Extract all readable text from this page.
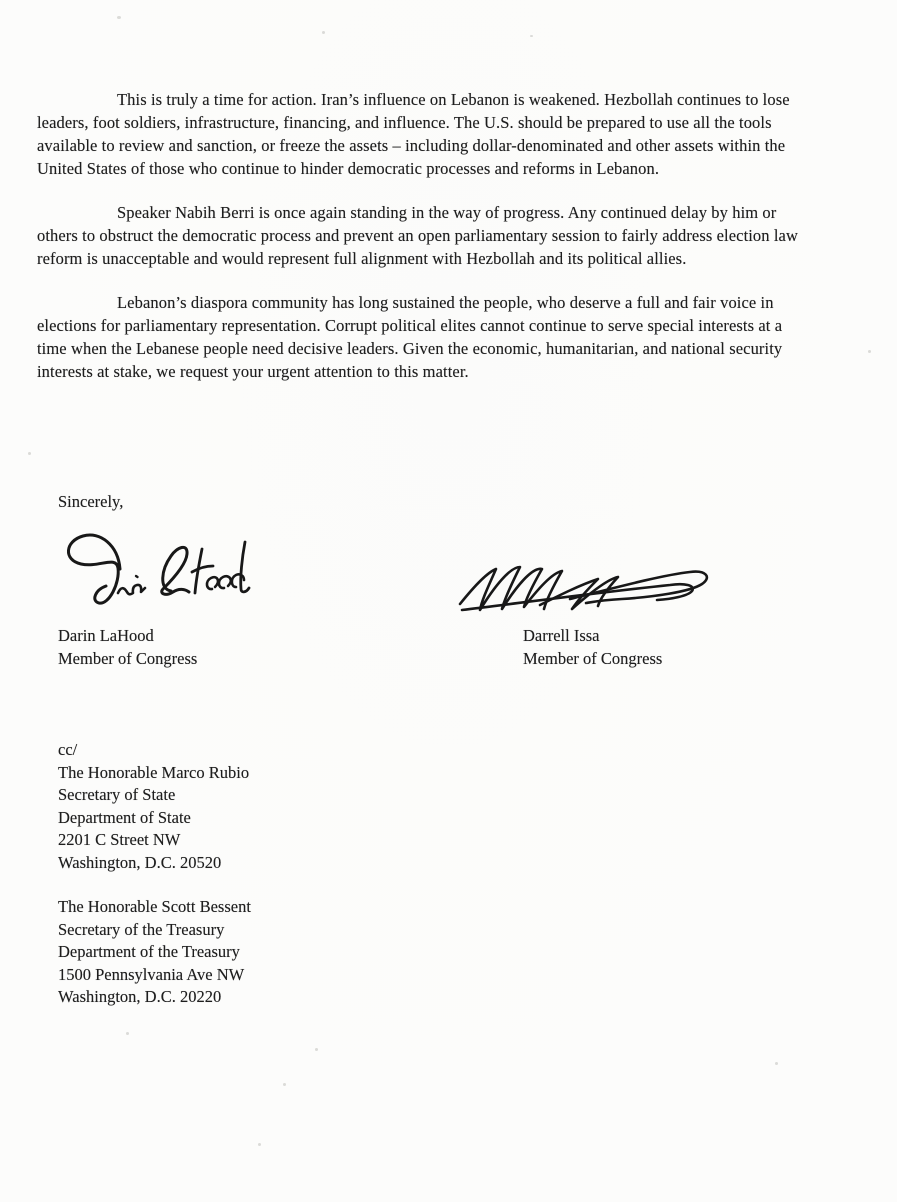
This is truly a time for action. Iran’s influence on Lebanon is weakened. Hezbollah continues to lose leaders, foot soldiers, infrastructure, financing, and influence. The U.S. should be prepared to use all the tools available to review and sanction, or freeze the assets – including dollar-denominated and other assets within the United States of those who continue to hinder democratic processes and reforms in Lebanon.

Speaker Nabih Berri is once again standing in the way of progress. Any continued delay by him or others to obstruct the democratic process and prevent an open parliamentary session to fairly address election law reform is unacceptable and would represent full alignment with Hezbollah and its political allies.

Lebanon’s diaspora community has long sustained the people, who deserve a full and fair voice in elections for parliamentary representation. Corrupt political elites cannot continue to serve special interests at a time when the Lebanese people need decisive leaders. Given the economic, humanitarian, and national security interests at stake, we request your urgent attention to this matter.

Sincerely,
Darin LaHood
Member of Congress
Darrell Issa
Member of Congress
cc/
The Honorable Marco Rubio
Secretary of State
Department of State
2201 C Street NW
Washington, D.C. 20520
The Honorable Scott Bessent
Secretary of the Treasury
Department of the Treasury
1500 Pennsylvania Ave NW
Washington, D.C. 20220
